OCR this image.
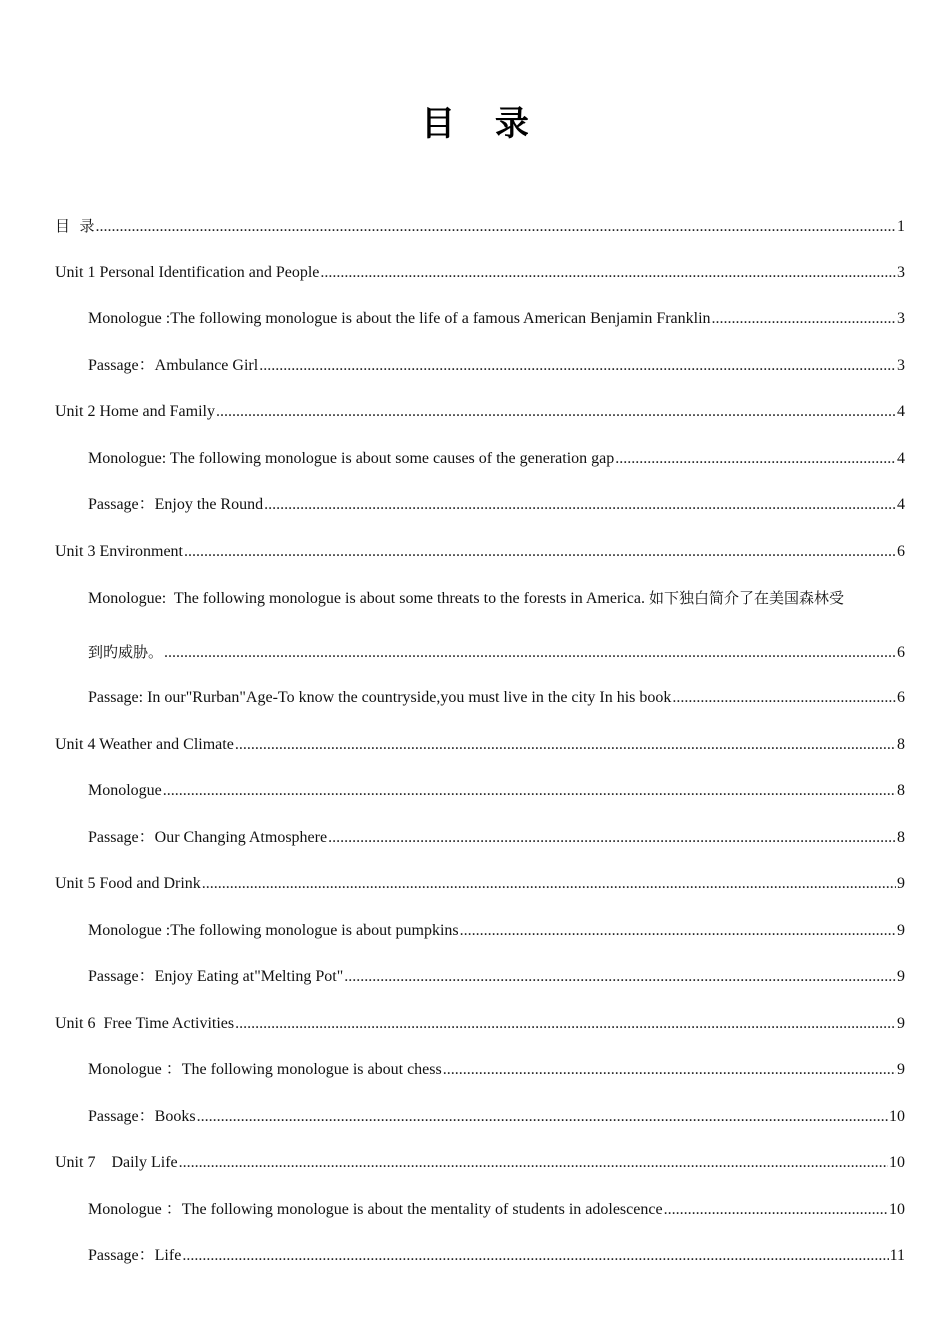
目 录
目  录 .....	1
Unit 1 Personal Identification and People .....	3
Monologue :The following monologue is about the life of a famous American Benjamin Franklin .....	3
Passage：Ambulance Girl .....	3
Unit 2 Home and Family .....	4
Monologue: The following monologue is about some causes of the generation gap .....	4
Passage：Enjoy the Round .....	4
Unit 3 Environment .....	6
Monologue:  The following monologue is about some threats to the forests in America. 如下独白简介了在美国森林受
到旳威胁。 .....	6
Passage: In our"Rurban"Age-To know the countryside,you must live in the city In his book .....	6
Unit 4 Weather and Climate .....	8
Monologue .....	8
Passage：Our Changing Atmosphere .....	8
Unit 5 Food and Drink .....	9
Monologue :The following monologue is about pumpkins .....	9
Passage：Enjoy Eating at"Melting Pot" .....	9
Unit 6  Free Time Activities .....	9
Monologue ：The following monologue is about chess .....	9
Passage：Books .....	10
Unit 7    Daily Life .....	10
Monologue ：The following monologue is about the mentality of students in adolescence .....	10
Passage：Life .....	11
